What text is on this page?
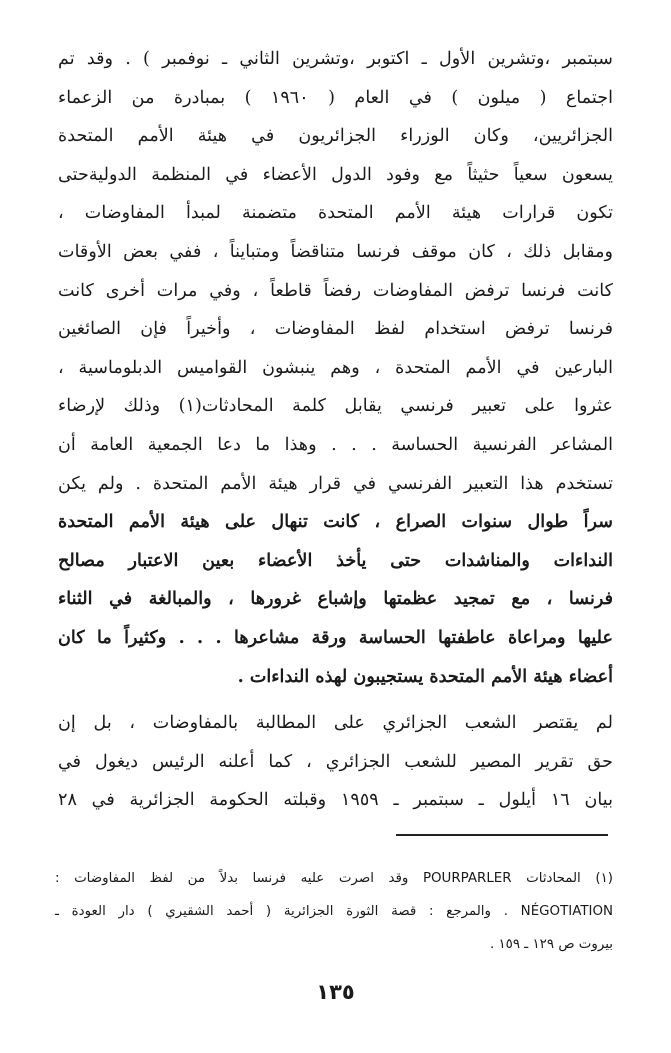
سبتمبر ،وتشرين الأول ـ اكتوبر ،وتشرين الثاني ـ نوفمبر ) . وقد تم
اجتماع ( ميلون ) في العام ( ١٩٦٠ ) بمبادرة من الزعماء
الجزائريين، وكان الوزراء الجزائريون في هيئة الأمم المتحدة
يسعون سعياً حثيثاً مع وفود الدول الأعضاء في المنظمة الدوليةحتى
تكون قرارات هيئة الأمم المتحدة متضمنة لمبدأ المفاوضات ،
ومقابل ذلك ، كان موقف فرنسا متناقضاً ومتبايناً ، ففي بعض الأوقات
كانت فرنسا ترفض المفاوضات رفضاً قاطعاً ، وفي مرات أخرى كانت
فرنسا ترفض استخدام لفظ المفاوضات ، وأخيراً فإن الصائغين
البارعين في الأمم المتحدة ، وهم ينبشون القواميس الدبلوماسية ،
عثروا على تعبير فرنسي يقابل كلمة المحادثات(١) وذلك لإرضاء
المشاعر الفرنسية الحساسة . . . وهذا ما دعا الجمعية العامة أن
تستخدم هذا التعبير الفرنسي في قرار هيئة الأمم المتحدة . ولم يكن
سراً طوال سنوات الصراع ، كانت تنهال على هيئة الأمم المتحدة
النداءات والمناشدات حتى يأخذ الأعضاء بعين الاعتبار مصالح
فرنسا ، مع تمجيد عظمتها وإشباع غرورها ، والمبالغة في الثناء
عليها ومراعاة عاطفتها الحساسة ورقة مشاعرها . . . وكثيراً ما كان
أعضاء هيئة الأمم المتحدة يستجيبون لهذه النداءات .
لم يقتصر الشعب الجزائري على المطالبة بالمفاوضات ، بل إن
حق تقرير المصير للشعب الجزائري ، كما أعلنه الرئيس ديغول في
بيان ١٦ أيلول ـ سبتمبر ـ ١٩٥٩ وقبلته الحكومة الجزائرية في ٢٨
(١) المحادثات POURPARLER وقد اصرت عليه فرنسا بدلاً من لفظ المفاوضات :
NÉGOTIATION . والمرجع : قصة الثورة الجزائرية ( أحمد الشقيري ) دار العودة ـ
بيروت ص ١٢٩ ـ ١٥٩ .
١٣٥
